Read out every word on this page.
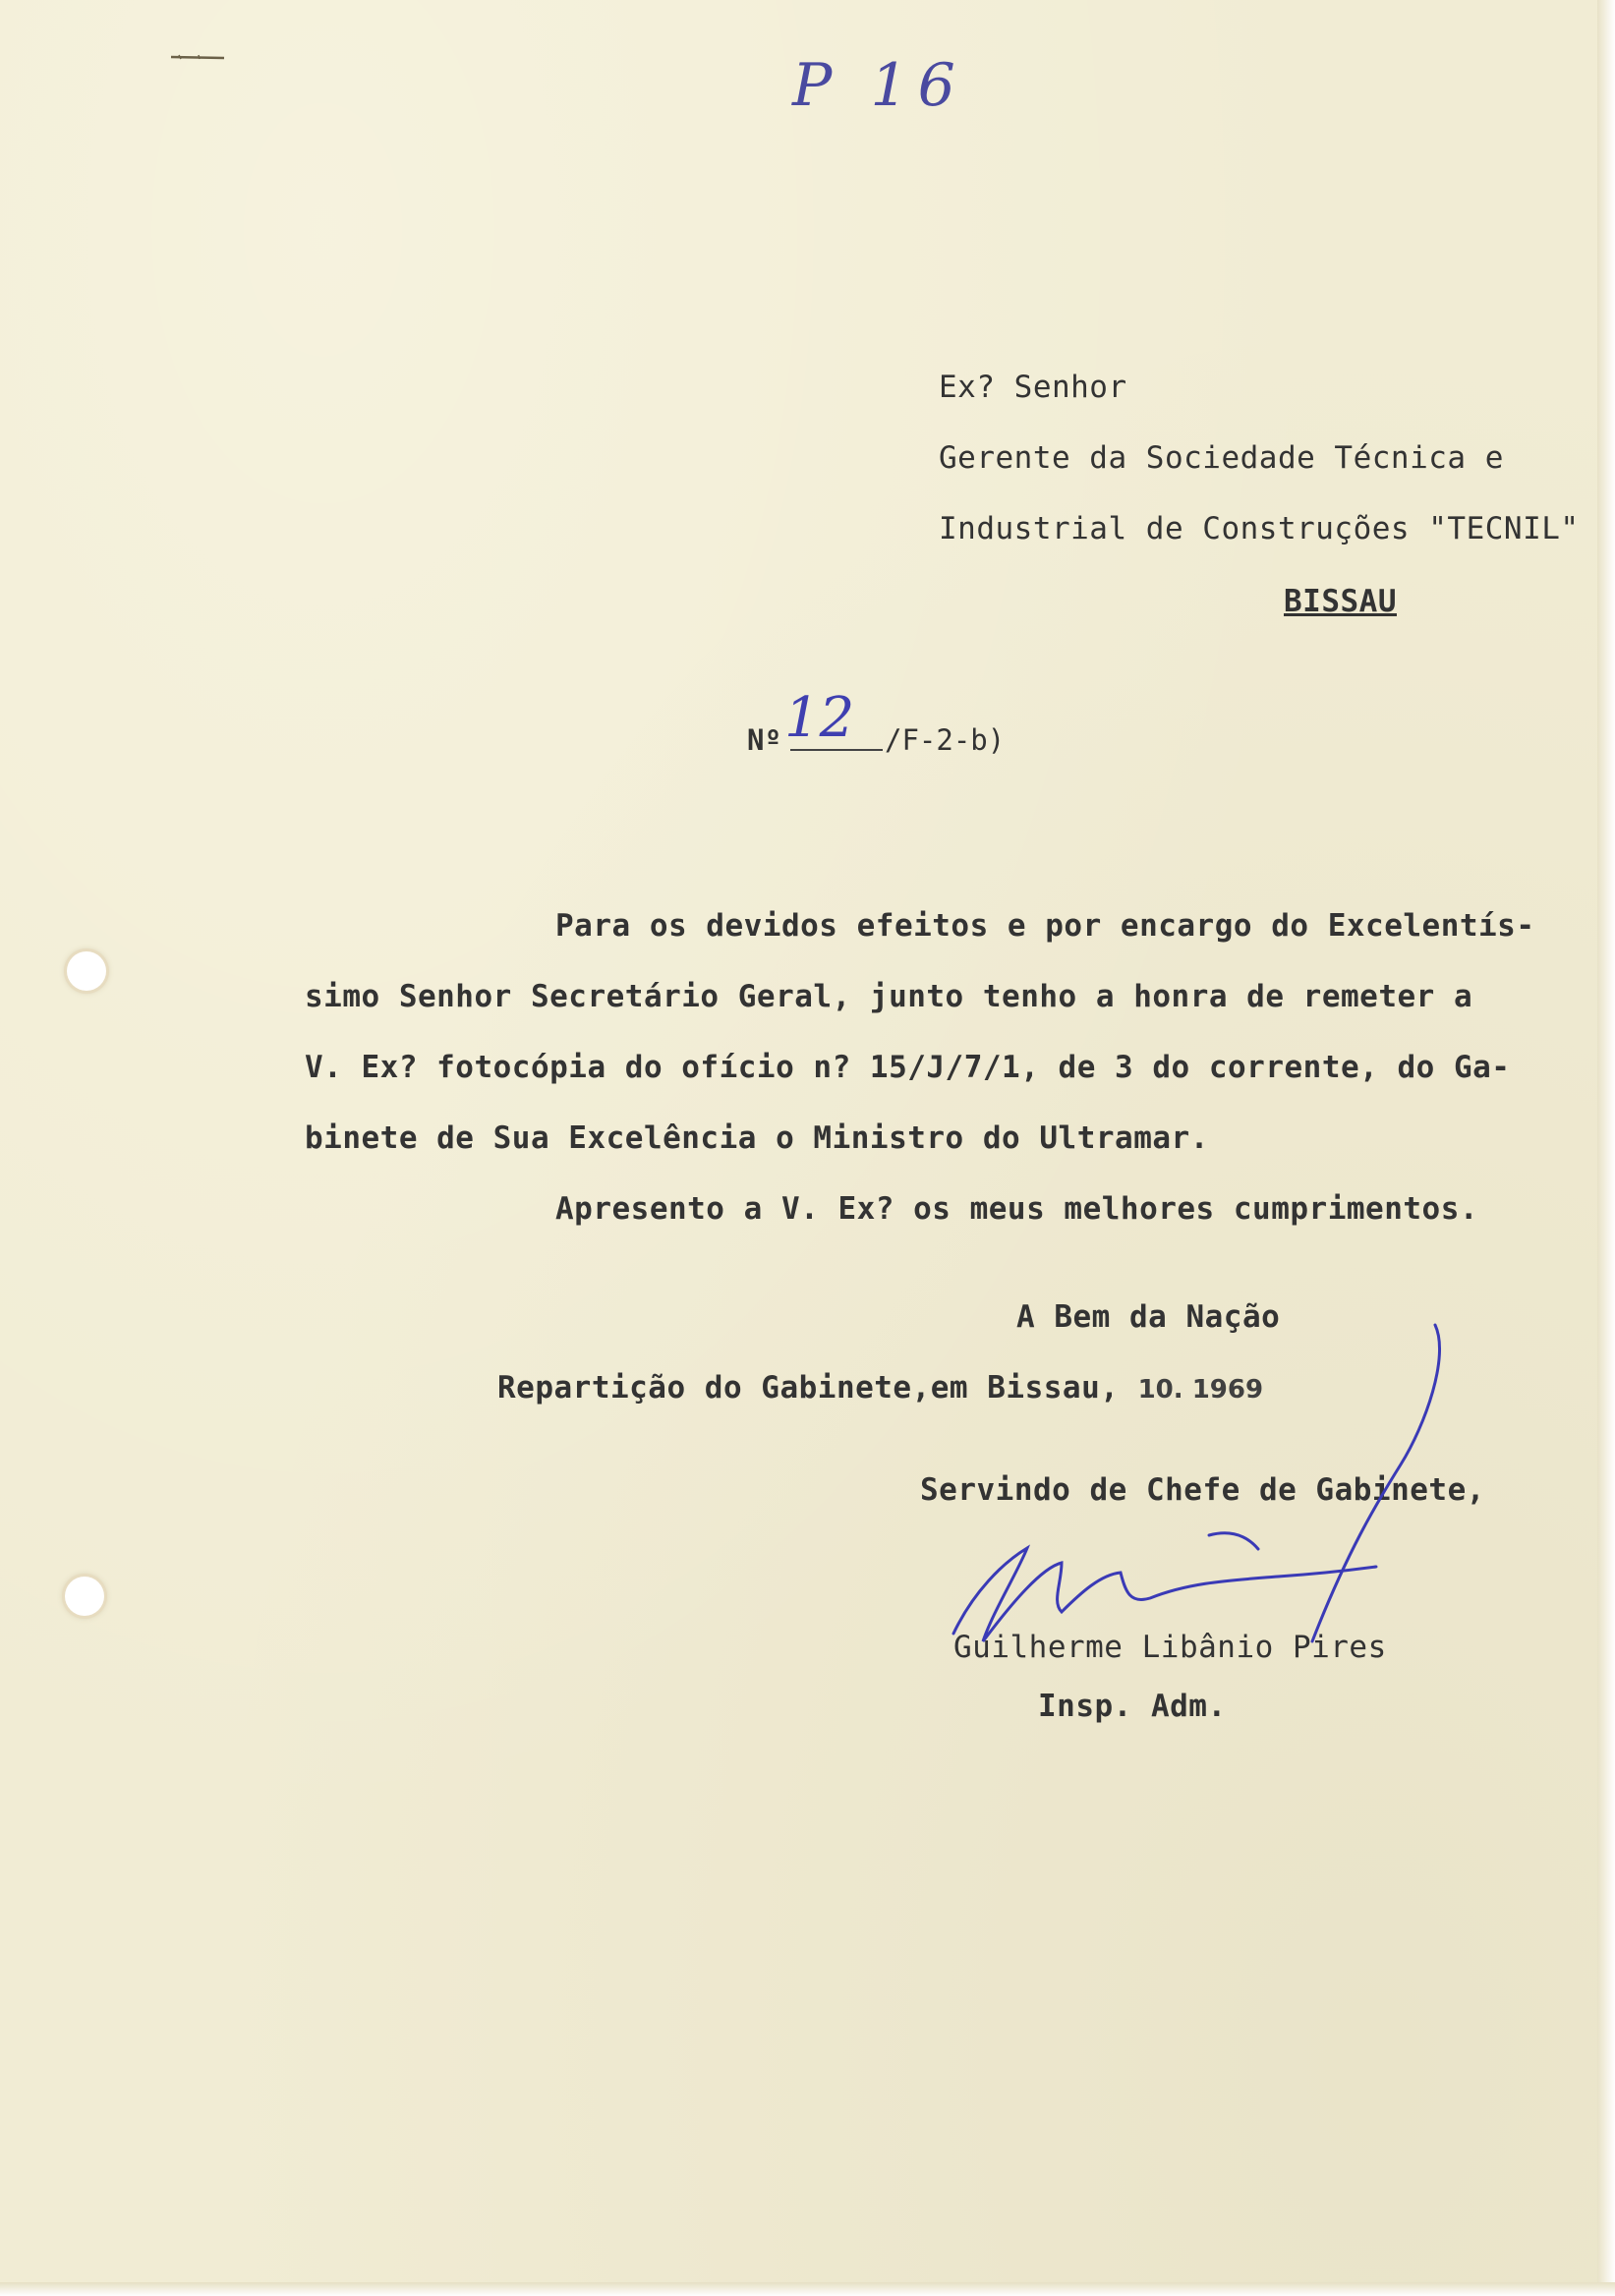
P 16

Ex? Senhor

Gerente da Sociedade Técnica e

Industrial de Construções "TECNIL"

BISSAU

Nº 12 /F-2-b)

Para os devidos efeitos e por encargo do Excelentís-

simo Senhor Secretário Geral, junto tenho a honra de remeter a

V. Ex? fotocópia do ofício n? 15/J/7/1, de 3 do corrente, do Ga-

binete de Sua Excelência o Ministro do Ultramar.

Apresento a V. Ex? os meus melhores cumprimentos.

A Bem da Nação

Repartição do Gabinete,em Bissau, 10. 1969

Servindo de Chefe de Gabinete,

Guilherme Libânio Pires

Insp. Adm.
